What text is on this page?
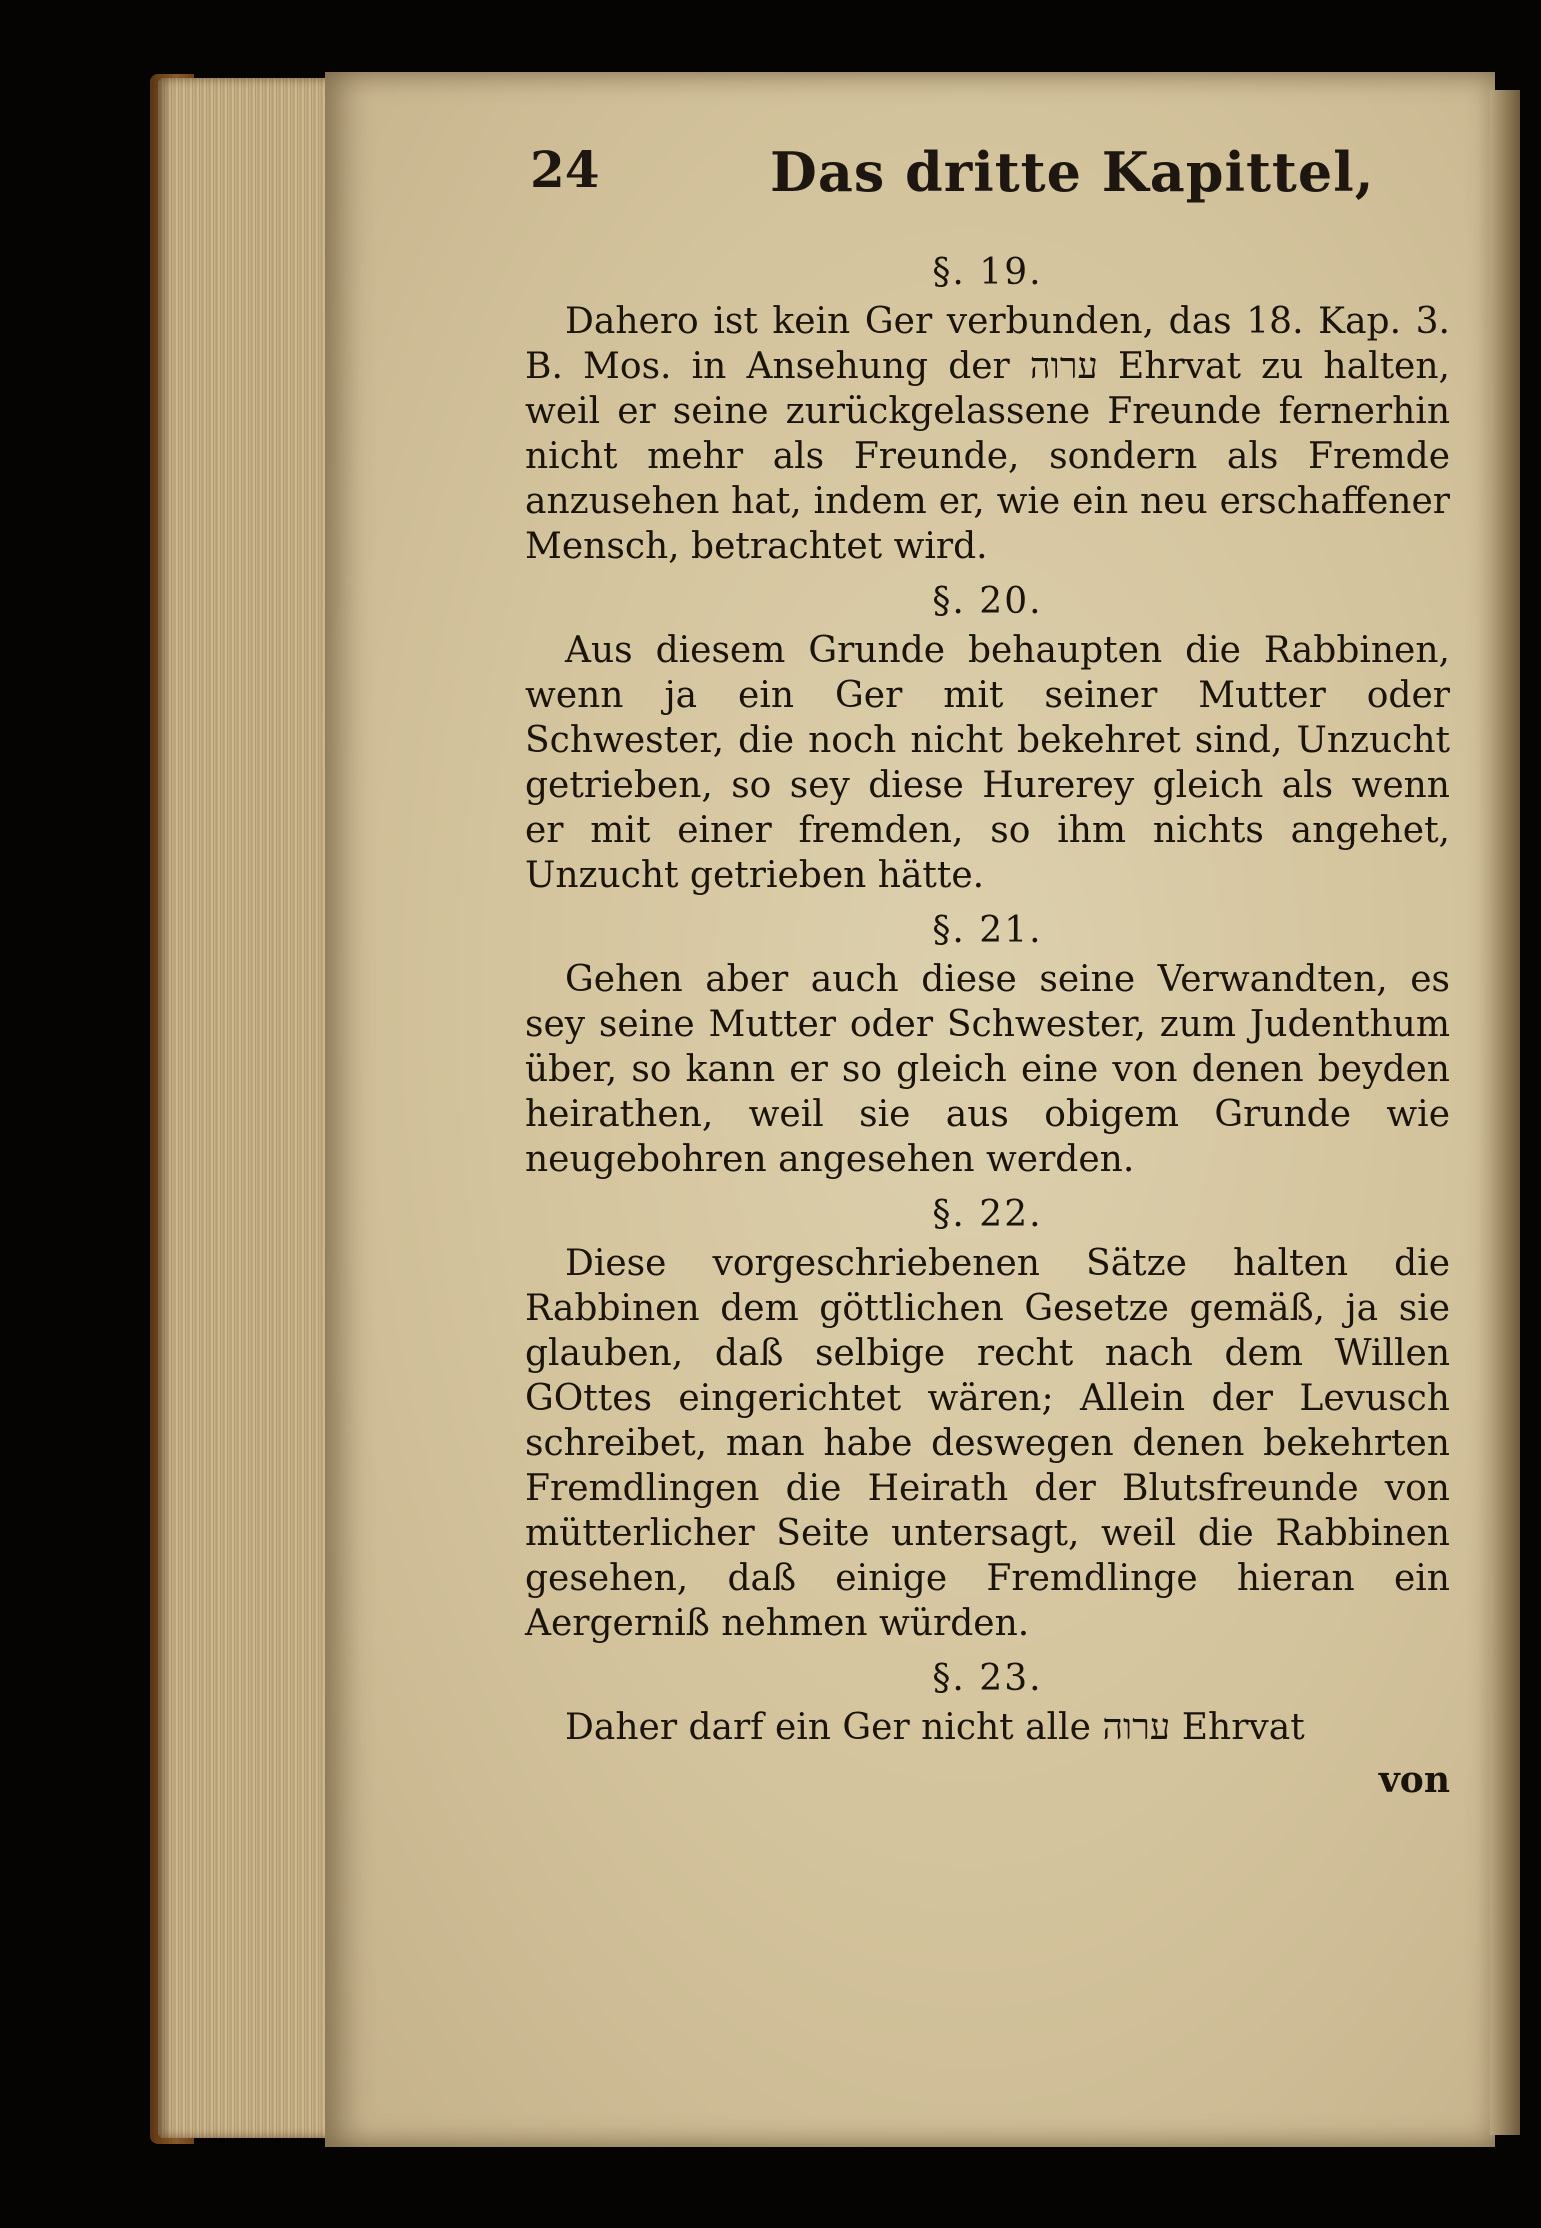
24	Das dritte Kapittel,
§. 19.

Dahero ist kein Ger verbunden, das 18. Kap. 3. B. Mos. in Ansehung der ערוה Ehrvat zu halten, weil er seine zurückgelassene Freunde fernerhin nicht mehr als Freunde, sondern als Fremde anzusehen hat, indem er, wie ein neu erschaffener Mensch, betrachtet wird.

§. 20.

Aus diesem Grunde behaupten die Rabbinen, wenn ja ein Ger mit seiner Mutter oder Schwester, die noch nicht bekehret sind, Unzucht getrieben, so sey diese Hurerey gleich als wenn er mit einer fremden, so ihm nichts angehet, Unzucht getrieben hätte.

§. 21.

Gehen aber auch diese seine Verwandten, es sey seine Mutter oder Schwester, zum Judenthum über, so kann er so gleich eine von denen beyden heirathen, weil sie aus obigem Grunde wie neugebohren angesehen werden.

§. 22.

Diese vorgeschriebenen Sätze halten die Rabbinen dem göttlichen Gesetze gemäß, ja sie glauben, daß selbige recht nach dem Willen GOttes eingerichtet wären; Allein der Levusch schreibet, man habe deswegen denen bekehrten Fremdlingen die Heirath der Blutsfreunde von mütterlicher Seite untersagt, weil die Rabbinen gesehen, daß einige Fremdlinge hieran ein Aergerniß nehmen würden.

§. 23.

Daher darf ein Ger nicht alle ערוה Ehrvat

von
